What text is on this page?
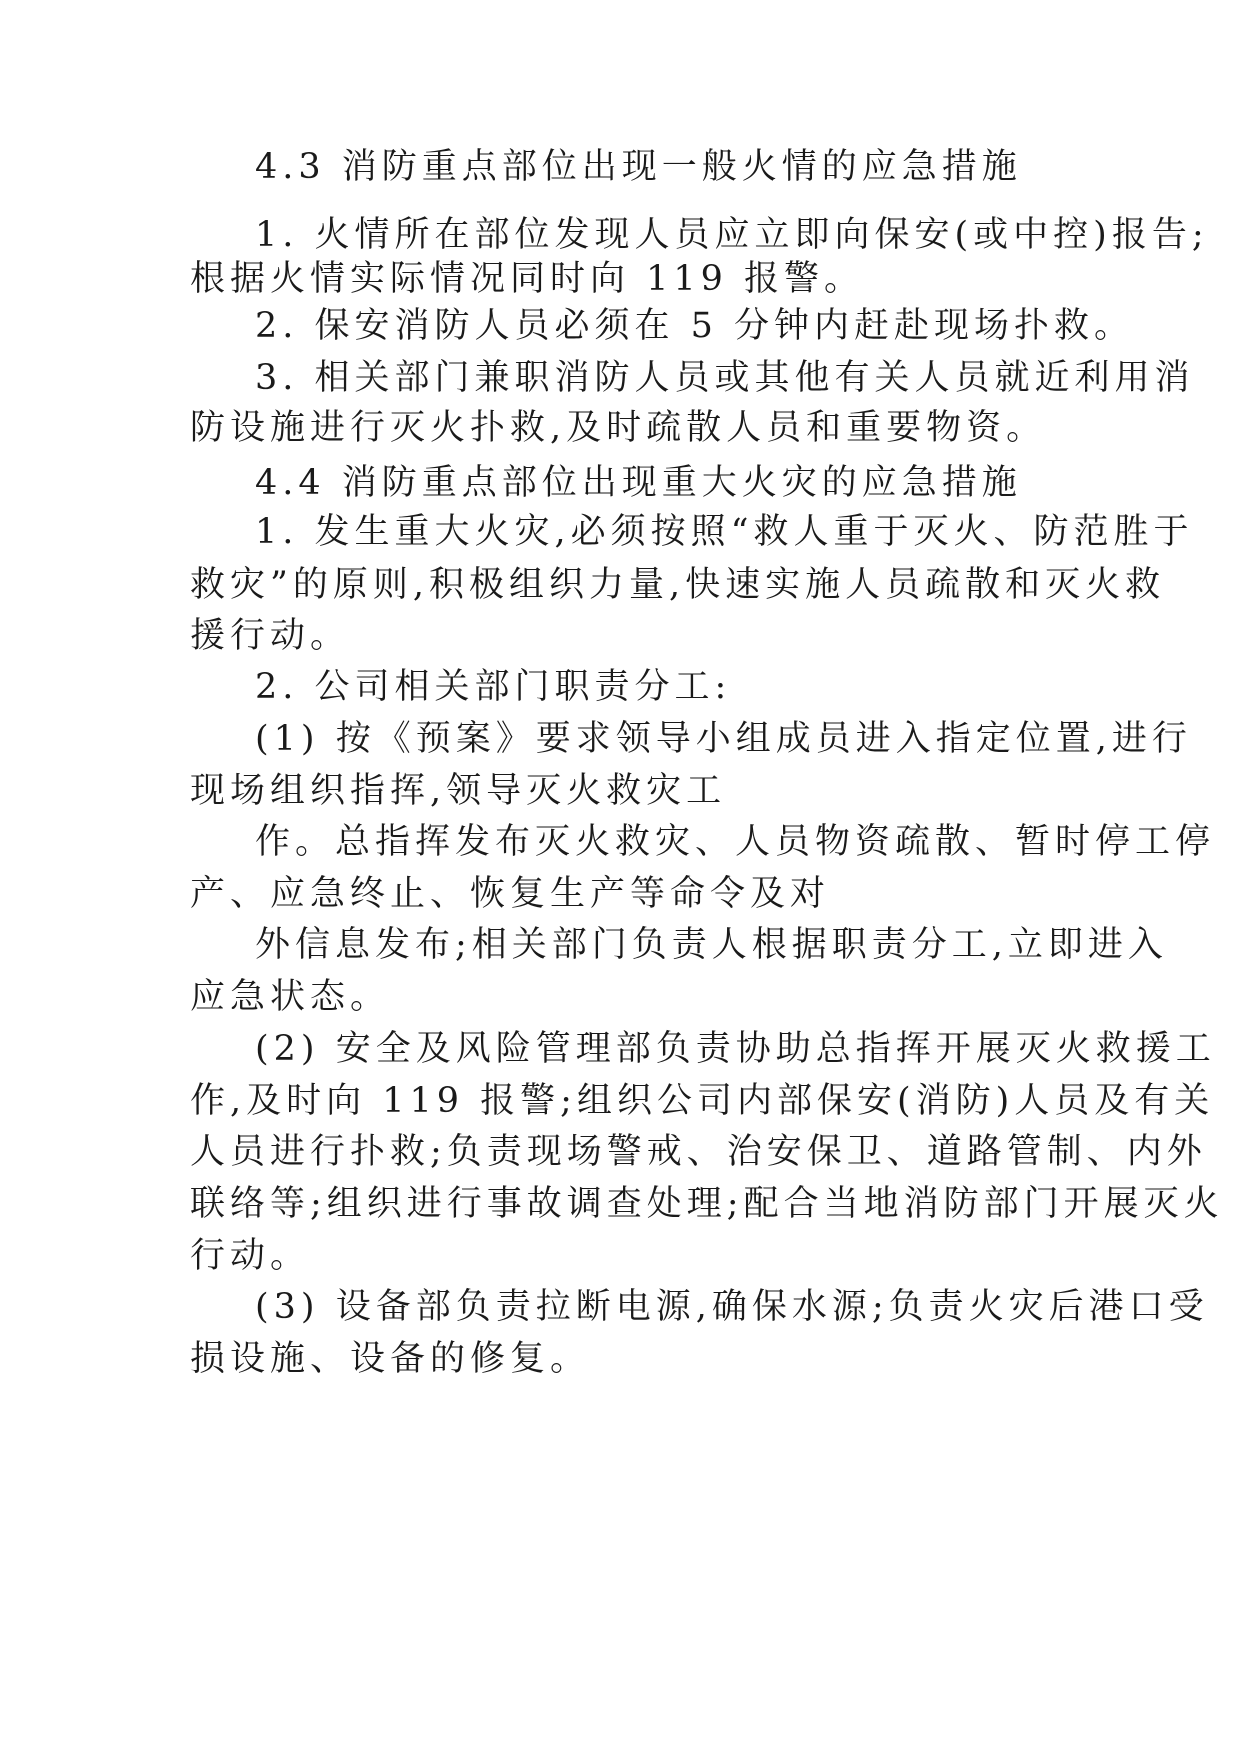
4.3 消防重点部位出现一般火情的应急措施
1. 火情所在部位发现人员应立即向保安(或中控)报告;
根据火情实际情况同时向 119 报警。
2. 保安消防人员必须在 5 分钟内赶赴现场扑救。
3. 相关部门兼职消防人员或其他有关人员就近利用消
防设施进行灭火扑救,及时疏散人员和重要物资。
4.4 消防重点部位出现重大火灾的应急措施
1. 发生重大火灾,必须按照“救人重于灭火、防范胜于
救灾”的原则,积极组织力量,快速实施人员疏散和灭火救
援行动。
2. 公司相关部门职责分工:
(1) 按《预案》要求领导小组成员进入指定位置,进行
现场组织指挥,领导灭火救灾工
作。总指挥发布灭火救灾、人员物资疏散、暂时停工停
产、应急终止、恢复生产等命令及对
外信息发布;相关部门负责人根据职责分工,立即进入
应急状态。
(2) 安全及风险管理部负责协助总指挥开展灭火救援工
作,及时向 119 报警;组织公司内部保安(消防)人员及有关
人员进行扑救;负责现场警戒、治安保卫、道路管制、内外
联络等;组织进行事故调查处理;配合当地消防部门开展灭火
行动。
(3) 设备部负责拉断电源,确保水源;负责火灾后港口受
损设施、设备的修复。
